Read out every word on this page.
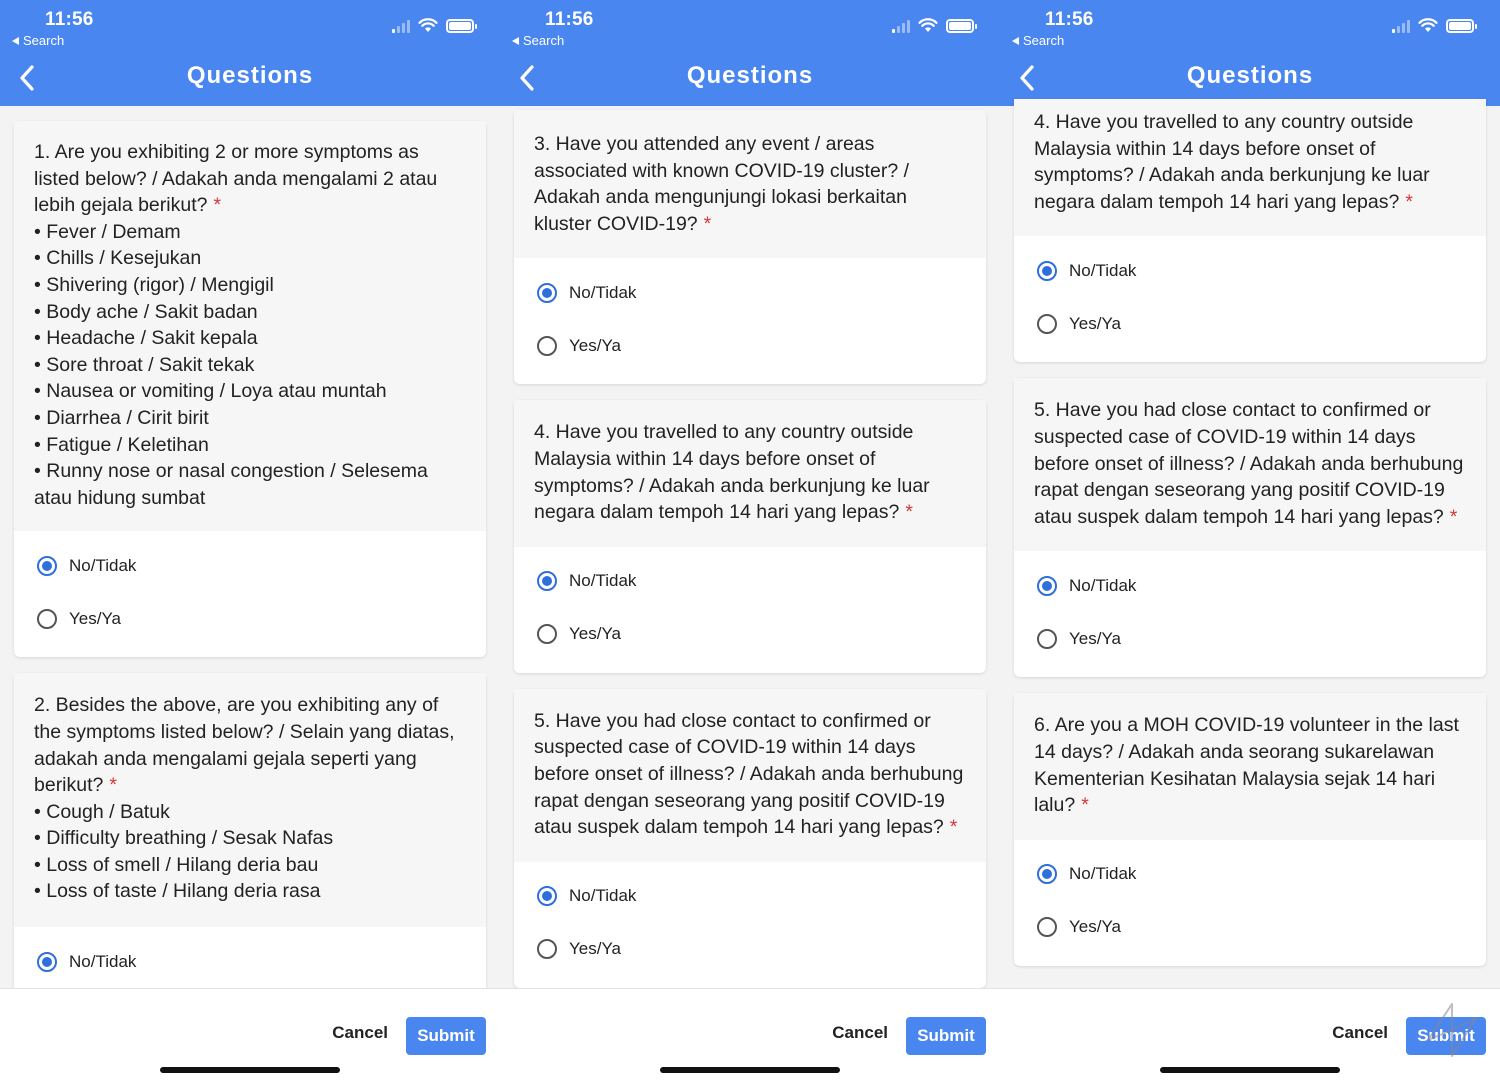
11:56
Search
Questions
1. Are you exhibiting 2 or more symptoms as listed below? / Adakah anda mengalami 2 atau lebih gejala berikut? *
• Fever / Demam
• Chills / Kesejukan
• Shivering (rigor) / Mengigil
• Body ache / Sakit badan
• Headache / Sakit kepala
• Sore throat / Sakit tekak
• Nausea or vomiting / Loya atau muntah
• Diarrhea / Cirit birit
• Fatigue / Keletihan
• Runny nose or nasal congestion / Selesema atau hidung sumbat
No/Tidak
Yes/Ya
2. Besides the above, are you exhibiting any of the symptoms listed below? / Selain yang diatas, adakah anda mengalami gejala seperti yang berikut? *
• Cough / Batuk
• Difficulty breathing / Sesak Nafas
• Loss of smell / Hilang deria bau
• Loss of taste / Hilang deria rasa
No/Tidak
Cancel	Submit
11:56
Search
Questions
3. Have you attended any event / areas associated with known COVID-19 cluster? / Adakah anda mengunjungi lokasi berkaitan kluster COVID-19? *
No/Tidak
Yes/Ya
4. Have you travelled to any country outside Malaysia within 14 days before onset of symptoms? / Adakah anda berkunjung ke luar negara dalam tempoh 14 hari yang lepas? *
No/Tidak
Yes/Ya
5. Have you had close contact to confirmed or suspected case of COVID-19 within 14 days before onset of illness? / Adakah anda berhubung rapat dengan seseorang yang positif COVID-19 atau suspek dalam tempoh 14 hari yang lepas? *
No/Tidak
Yes/Ya
Cancel	Submit
11:56
Search
Questions
4. Have you travelled to any country outside Malaysia within 14 days before onset of symptoms? / Adakah anda berkunjung ke luar negara dalam tempoh 14 hari yang lepas? *
No/Tidak
Yes/Ya
5. Have you had close contact to confirmed or suspected case of COVID-19 within 14 days before onset of illness? / Adakah anda berhubung rapat dengan seseorang yang positif COVID-19 atau suspek dalam tempoh 14 hari yang lepas? *
No/Tidak
Yes/Ya
6. Are you a MOH COVID-19 volunteer in the last 14 days? / Adakah anda seorang sukarelawan Kementerian Kesihatan Malaysia sejak 14 hari lalu? *
No/Tidak
Yes/Ya
Cancel	Submit
